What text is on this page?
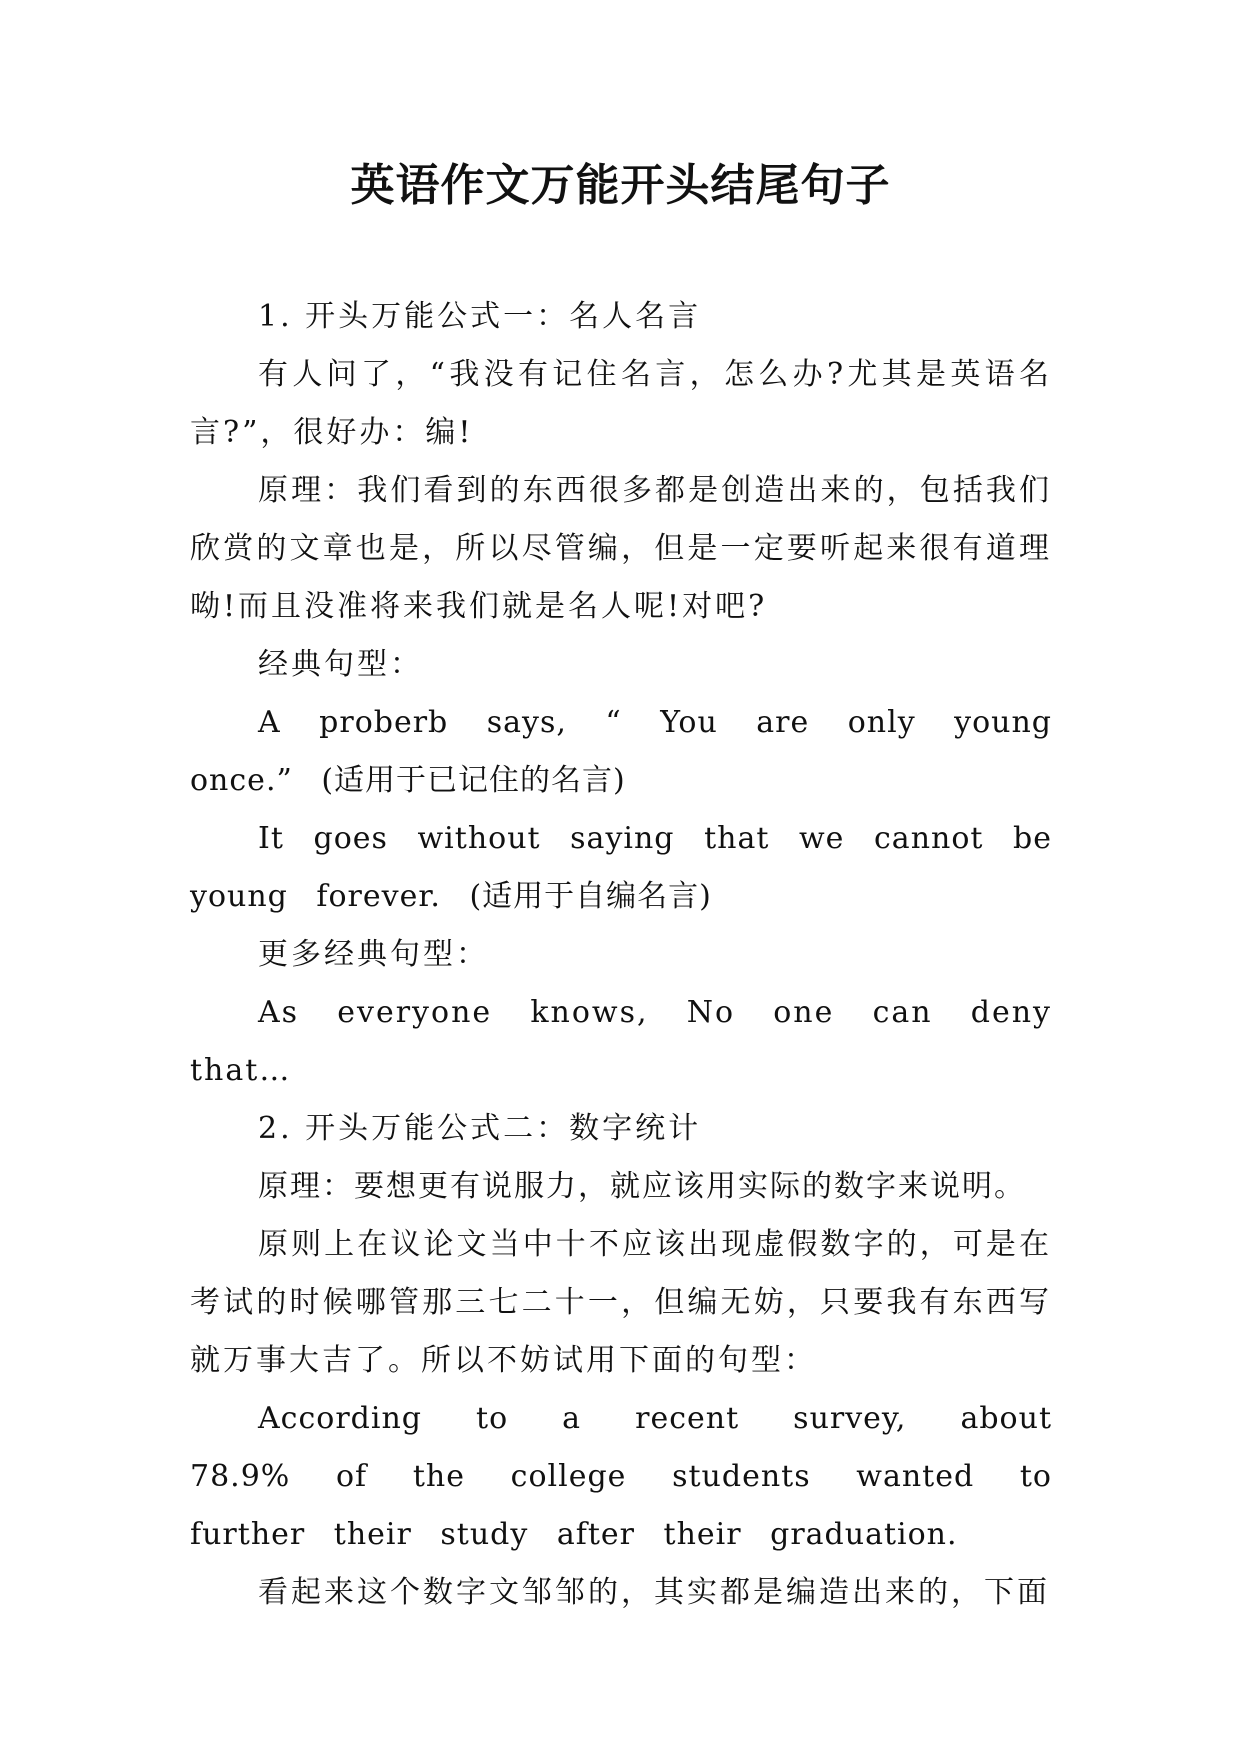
英语作文万能开头结尾句子

1. 开头万能公式一：名人名言

有人问了，“我没有记住名言，怎么办?尤其是英语名言?”，很好办：编!

原理：我们看到的东西很多都是创造出来的，包括我们欣赏的文章也是，所以尽管编，但是一定要听起来很有道理呦!而且没准将来我们就是名人呢!对吧?

经典句型：

A proberb says, “ You are only young once.” (适用于已记住的名言)

It goes without saying that we cannot be young forever. (适用于自编名言)

更多经典句型：

As everyone knows, No one can deny that…

2. 开头万能公式二：数字统计

原理：要想更有说服力，就应该用实际的数字来说明。

原则上在议论文当中十不应该出现虚假数字的，可是在考试的时候哪管那三七二十一，但编无妨，只要我有东西写就万事大吉了。所以不妨试用下面的句型：

According to a recent survey, about 78.9% of the college students wanted to further their study after their graduation.

看起来这个数字文邹邹的，其实都是编造出来的，下面
